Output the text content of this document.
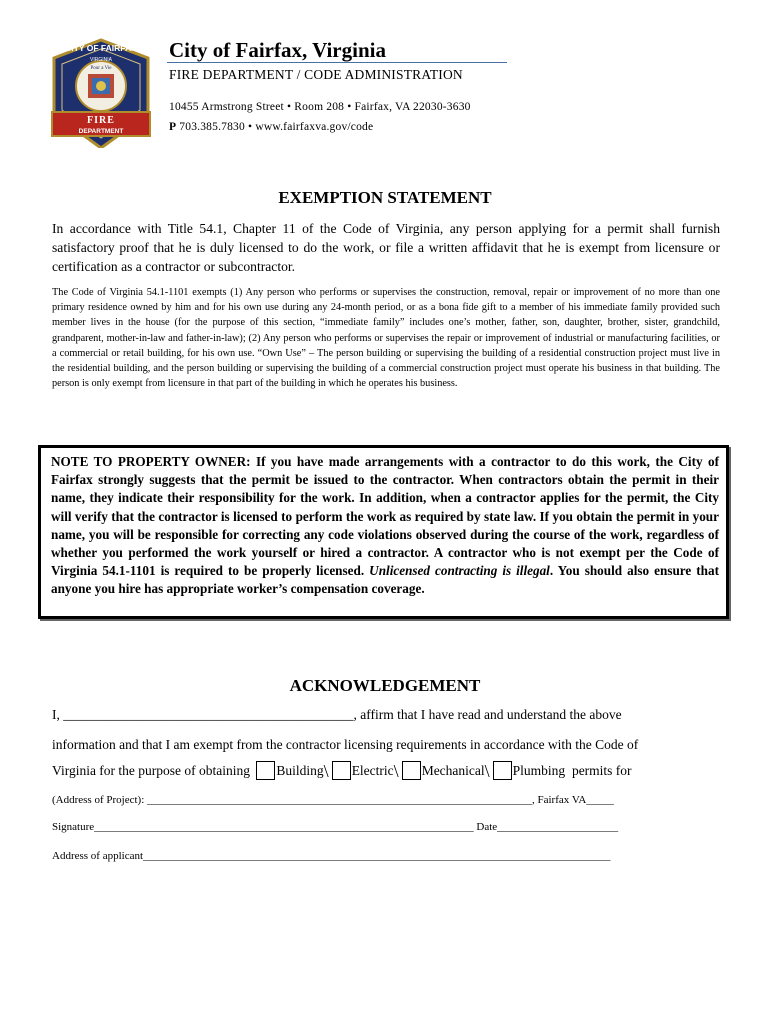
CITY OF FAIRFAX
VIRGINIA
Pour a Vie
FIRE
DEPARTMENT
City of Fairfax, Virginia
FIRE DEPARTMENT / CODE ADMINISTRATION
10455 Armstrong Street • Room 208 • Fairfax, VA 22030-3630
P 703.385.7830 • www.fairfaxva.gov/code
EXEMPTION STATEMENT
In accordance with Title 54.1, Chapter 11 of the Code of Virginia, any person applying for a permit shall furnish satisfactory proof that he is duly licensed to do the work, or file a written affidavit that he is exempt from licensure or certification as a contractor or subcontractor.
The Code of Virginia 54.1-1101 exempts (1) Any person who performs or supervises the construction, removal, repair or improvement of no more than one primary residence owned by him and for his own use during any 24-month period, or as a bona fide gift to a member of his immediate family provided such member lives in the house (for the purpose of this section, “immediate family” includes one’s mother, father, son, daughter, brother, sister, grandchild, grandparent, mother-in-law and father-in-law); (2) Any person who performs or supervises the repair or improvement of industrial or manufacturing facilities, or a commercial or retail building, for his own use. “Own Use” – The person building or supervising the building of a residential construction project must live in the residential building, and the person building or supervising the building of a commercial construction project must operate his business in that building. The person is only exempt from licensure in that part of the building in which he operates his business.
NOTE TO PROPERTY OWNER: If you have made arrangements with a contractor to do this work, the City of Fairfax strongly suggests that the permit be issued to the contractor. When contractors obtain the permit in their name, they indicate their responsibility for the work. In addition, when a contractor applies for the permit, the City will verify that the contractor is licensed to perform the work as required by state law. If you obtain the permit in your name, you will be responsible for correcting any code violations observed during the course of the work, regardless of whether you performed the work yourself or hired a contractor. A contractor who is not exempt per the Code of Virginia 54.1-1101 is required to be properly licensed. Unlicensed contracting is illegal. You should also ensure that anyone you hire has appropriate worker’s compensation coverage.
ACKNOWLEDGEMENT
I, ___________________________________________, affirm that I have read and understand the above
information and that I am exempt from the contractor licensing requirements in accordance with the Code of
Virginia for the purpose of obtaining Building\ Electric\ Mechanical\ Plumbing permits for
(Address of Project): ______________________________________________________________________, Fairfax VA_____
Signature_____________________________________________________________________ Date______________________
Address of applicant_____________________________________________________________________________________
